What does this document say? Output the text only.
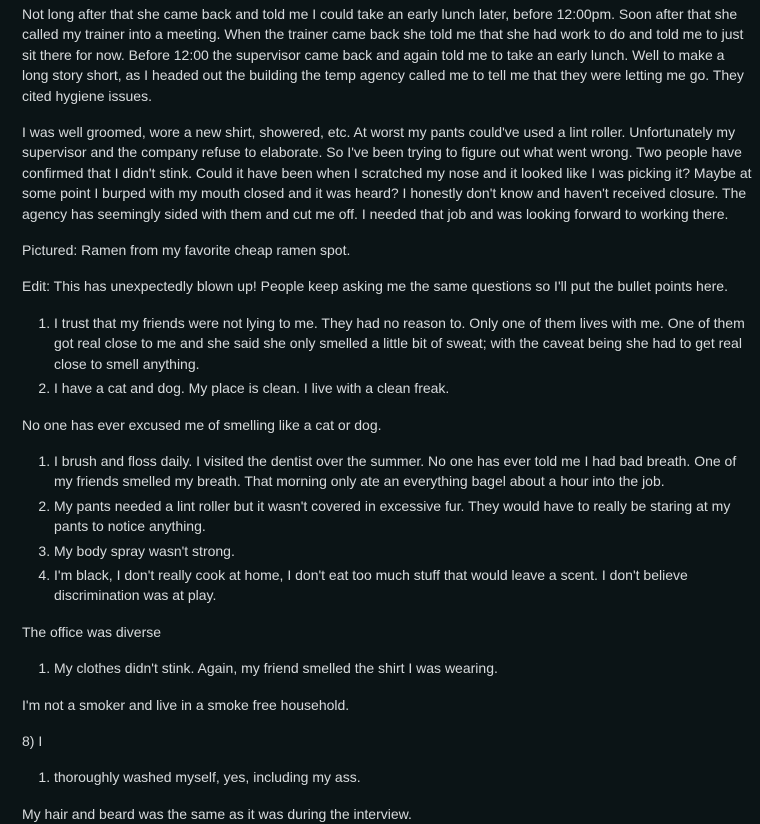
Not long after that she came back and told me I could take an early lunch later, before 12:00pm. Soon after that she called my trainer into a meeting. When the trainer came back she told me that she had work to do and told me to just sit there for now. Before 12:00 the supervisor came back and again told me to take an early lunch. Well to make a long story short, as I headed out the building the temp agency called me to tell me that they were letting me go. They cited hygiene issues.

I was well groomed, wore a new shirt, showered, etc. At worst my pants could've used a lint roller. Unfortunately my supervisor and the company refuse to elaborate. So I've been trying to figure out what went wrong. Two people have confirmed that I didn't stink. Could it have been when I scratched my nose and it looked like I was picking it? Maybe at some point I burped with my mouth closed and it was heard? I honestly don't know and haven't received closure. The agency has seemingly sided with them and cut me off. I needed that job and was looking forward to working there.

Pictured: Ramen from my favorite cheap ramen spot.

Edit: This has unexpectedly blown up! People keep asking me the same questions so I'll put the bullet points here.

1. I trust that my friends were not lying to me. They had no reason to. Only one of them lives with me. One of them got real close to me and she said she only smelled a little bit of sweat; with the caveat being she had to get real close to smell anything.
2. I have a cat and dog. My place is clean. I live with a clean freak.

No one has ever excused me of smelling like a cat or dog.

1. I brush and floss daily. I visited the dentist over the summer. No one has ever told me I had bad breath. One of my friends smelled my breath. That morning only ate an everything bagel about a hour into the job.
2. My pants needed a lint roller but it wasn't covered in excessive fur. They would have to really be staring at my pants to notice anything.
3. My body spray wasn't strong.
4. I'm black, I don't really cook at home, I don't eat too much stuff that would leave a scent. I don't believe discrimination was at play.

The office was diverse

1. My clothes didn't stink. Again, my friend smelled the shirt I was wearing.

I'm not a smoker and live in a smoke free household.

8) I

1. thoroughly washed myself, yes, including my ass.

My hair and beard was the same as it was during the interview.
